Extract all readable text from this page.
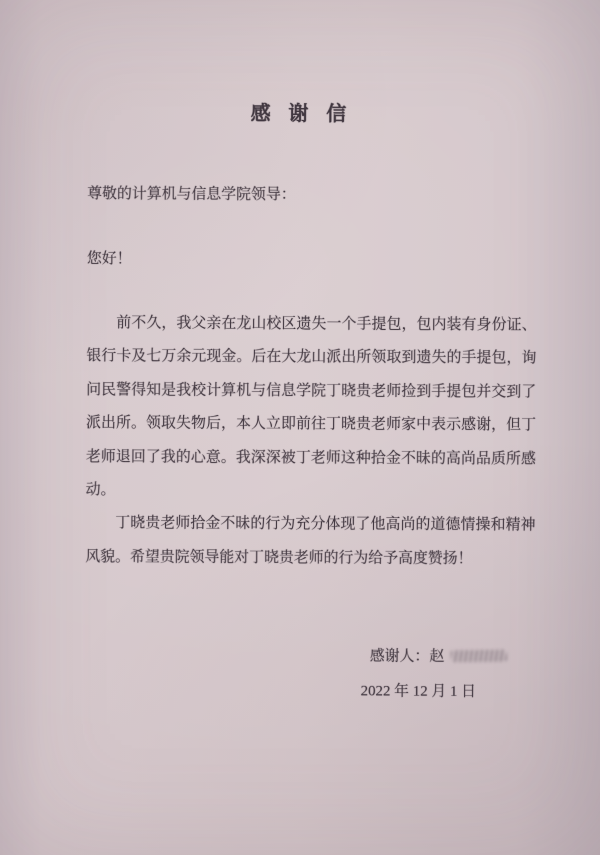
感 谢 信
尊敬的计算机与信息学院领导：
您好！

前不久，我父亲在龙山校区遗失一个手提包，包内装有身份证、银行卡及七万余元现金。后在大龙山派出所领取到遗失的手提包，询问民警得知是我校计算机与信息学院丁晓贵老师捡到手提包并交到了派出所。领取失物后，本人立即前往丁晓贵老师家中表示感谢，但丁老师退回了我的心意。我深深被丁老师这种拾金不昧的高尚品质所感动。

丁晓贵老师拾金不昧的行为充分体现了他高尚的道德情操和精神风貌。希望贵院领导能对丁晓贵老师的行为给予高度赞扬！

感谢人：赵
2022 年 12 月 1 日
